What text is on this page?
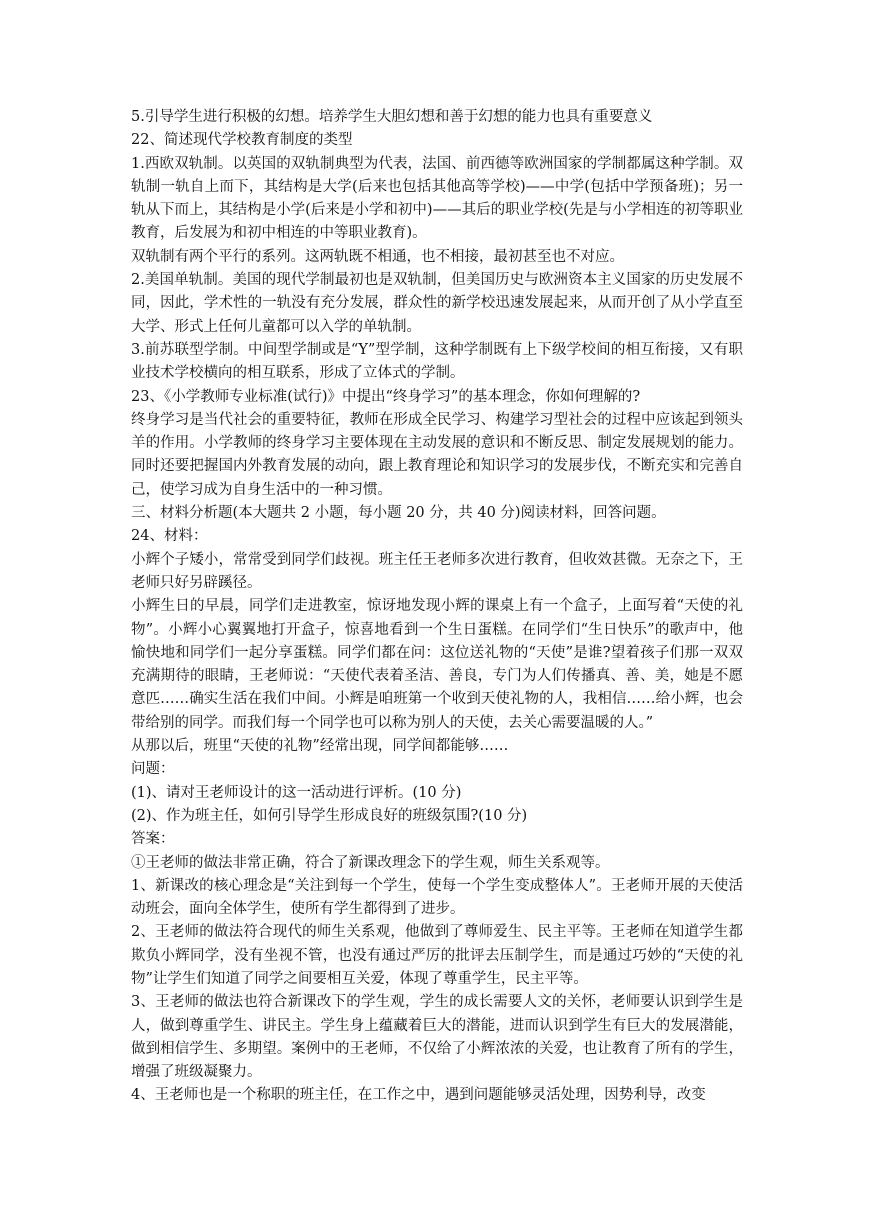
5.引导学生进行积极的幻想。培养学生大胆幻想和善于幻想的能力也具有重要意义

22、简述现代学校教育制度的类型

1.西欧双轨制。以英国的双轨制典型为代表，法国、前西德等欧洲国家的学制都属这种学制。双轨制一轨自上而下，其结构是大学(后来也包括其他高等学校)——中学(包括中学预备班)；另一轨从下而上，其结构是小学(后来是小学和初中)——其后的职业学校(先是与小学相连的初等职业教育，后发展为和初中相连的中等职业教育)。

双轨制有两个平行的系列。这两轨既不相通，也不相接，最初甚至也不对应。

2.美国单轨制。美国的现代学制最初也是双轨制，但美国历史与欧洲资本主义国家的历史发展不同，因此，学术性的一轨没有充分发展，群众性的新学校迅速发展起来，从而开创了从小学直至大学、形式上任何儿童都可以入学的单轨制。

3.前苏联型学制。中间型学制或是“Y”型学制，这种学制既有上下级学校间的相互衔接，又有职业技术学校横向的相互联系，形成了立体式的学制。

23、《小学教师专业标准(试行)》中提出“终身学习”的基本理念，你如何理解的?

终身学习是当代社会的重要特征，教师在形成全民学习、构建学习型社会的过程中应该起到领头羊的作用。小学教师的终身学习主要体现在主动发展的意识和不断反思、制定发展规划的能力。同时还要把握国内外教育发展的动向，跟上教育理论和知识学习的发展步伐，不断充实和完善自己，使学习成为自身生活中的一种习惯。

三、材料分析题(本大题共 2 小题，每小题 20 分，共 40 分)阅读材料，回答问题。

24、材料：

小辉个子矮小，常常受到同学们歧视。班主任王老师多次进行教育，但收效甚微。无奈之下，王老师只好另辟蹊径。

小辉生日的早晨，同学们走进教室，惊讶地发现小辉的课桌上有一个盒子，上面写着“天使的礼物”。小辉小心翼翼地打开盒子，惊喜地看到一个生日蛋糕。在同学们“生日快乐”的歌声中，他愉快地和同学们一起分享蛋糕。同学们都在问：这位送礼物的“天使”是谁?望着孩子们那一双双充满期待的眼睛，王老师说：“天使代表着圣洁、善良，专门为人们传播真、善、美，她是不愿意匹……确实生活在我们中间。小辉是咱班第一个收到天使礼物的人，我相信……给小辉，也会带给别的同学。而我们每一个同学也可以称为别人的天使，去关心需要温暖的人。”

从那以后，班里“天使的礼物”经常出现，同学间都能够……

问题：

(1)、请对王老师设计的这一活动进行评析。(10 分)

(2)、作为班主任，如何引导学生形成良好的班级氛围?(10 分)

答案：

①王老师的做法非常正确，符合了新课改理念下的学生观，师生关系观等。

1、新课改的核心理念是“关注到每一个学生，使每一个学生变成整体人”。王老师开展的天使活动班会，面向全体学生，使所有学生都得到了进步。

2、王老师的做法符合现代的师生关系观，他做到了尊师爱生、民主平等。王老师在知道学生都欺负小辉同学，没有坐视不管，也没有通过严厉的批评去压制学生，而是通过巧妙的“天使的礼物”让学生们知道了同学之间要相互关爱，体现了尊重学生，民主平等。

3、王老师的做法也符合新课改下的学生观，学生的成长需要人文的关怀，老师要认识到学生是人，做到尊重学生、讲民主。学生身上蕴藏着巨大的潜能，进而认识到学生有巨大的发展潜能，做到相信学生、多期望。案例中的王老师，不仅给了小辉浓浓的关爱，也让教育了所有的学生，增强了班级凝聚力。

4、王老师也是一个称职的班主任，在工作之中，遇到问题能够灵活处理，因势利导，改变
